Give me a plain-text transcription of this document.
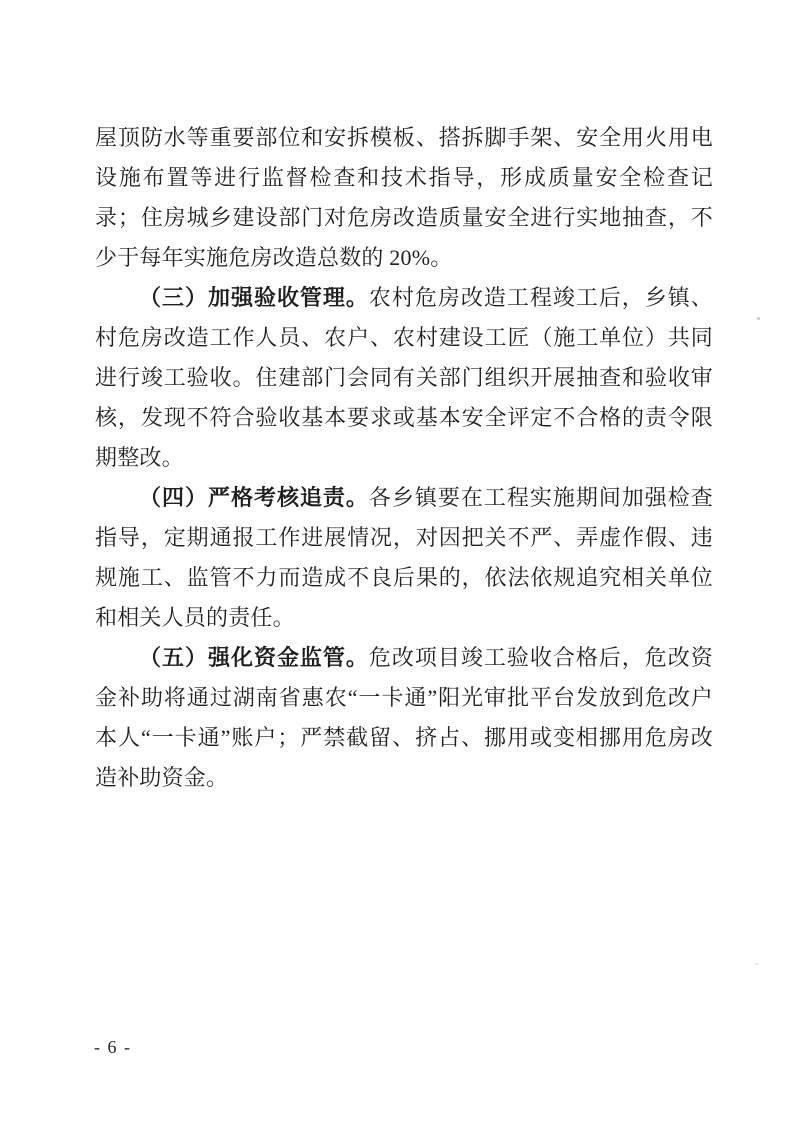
屋顶防水等重要部位和安拆模板、搭拆脚手架、安全用火用电设施布置等进行监督检查和技术指导，形成质量安全检查记录；住房城乡建设部门对危房改造质量安全进行实地抽查，不少于每年实施危房改造总数的 20%。

（三）加强验收管理。农村危房改造工程竣工后，乡镇、村危房改造工作人员、农户、农村建设工匠（施工单位）共同进行竣工验收。住建部门会同有关部门组织开展抽查和验收审核，发现不符合验收基本要求或基本安全评定不合格的责令限期整改。

（四）严格考核追责。各乡镇要在工程实施期间加强检查指导，定期通报工作进展情况，对因把关不严、弄虚作假、违规施工、监管不力而造成不良后果的，依法依规追究相关单位和相关人员的责任。

（五）强化资金监管。危改项目竣工验收合格后，危改资金补助将通过湖南省惠农“一卡通”阳光审批平台发放到危改户本人“一卡通”账户；严禁截留、挤占、挪用或变相挪用危房改造补助资金。

- 6 -
